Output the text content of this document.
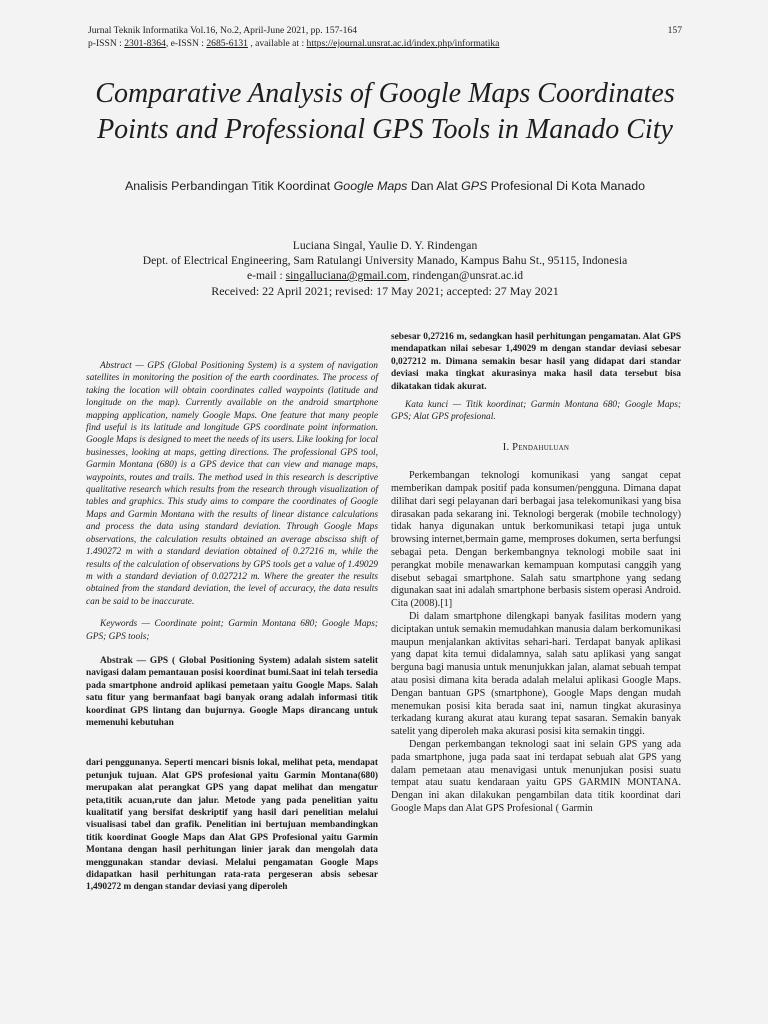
Jurnal Teknik Informatika Vol.16, No.2, April-June 2021, pp. 157-164	157
p-ISSN : 2301-8364, e-ISSN : 2685-6131 , available at : https://ejournal.unsrat.ac.id/index.php/informatika
Comparative Analysis of Google Maps Coordinates Points and Professional GPS Tools in Manado City
Analisis Perbandingan Titik Koordinat Google Maps Dan Alat GPS Profesional Di Kota Manado
Luciana Singal, Yaulie D. Y. Rindengan
Dept. of Electrical Engineering, Sam Ratulangi University Manado, Kampus Bahu St., 95115, Indonesia
e-mail : singalluciana@gmail.com, rindengan@unsrat.ac.id
Received: 22 April 2021; revised: 17 May 2021; accepted: 27 May 2021

Abstract — GPS (Global Positioning System) is a system of navigation satellites in monitoring the position of the earth coordinates. The process of taking the location will obtain coordinates called waypoints (latitude and longitude on the map). Currently available on the android smartphone mapping application, namely Google Maps. One feature that many people find useful is its latitude and longitude GPS coordinate point information. Google Maps is designed to meet the needs of its users. Like looking for local businesses, looking at maps, getting directions. The professional GPS tool, Garmin Montana (680) is a GPS device that can view and manage maps, waypoints, routes and trails. The method used in this research is descriptive qualitative research which results from the research through visualization of tables and graphics. This study aims to compare the coordinates of Google Maps and Garmin Montana with the results of linear distance calculations and process the data using standard deviation. Through Google Maps observations, the calculation results obtained an average abscissa shift of 1.490272 m with a standard deviation obtained of 0.27216 m, while the results of the calculation of observations by GPS tools get a value of 1.49029 m with a standard deviation of 0.027212 m. Where the greater the results obtained from the standard deviation, the level of accuracy, the data results can be said to be inaccurate.

Keywords — Coordinate point; Garmin Montana 680; Google Maps; GPS; GPS tools;

Abstrak — GPS ( Global Positioning System) adalah sistem satelit navigasi dalam pemantauan posisi koordinat bumi.Saat ini telah tersedia pada smartphone android aplikasi pemetaan yaitu Google Maps. Salah satu fitur yang bermanfaat bagi banyak orang adalah informasi titik koordinat GPS lintang dan bujurnya. Google Maps dirancang untuk memenuhi kebutuhan

dari penggunanya. Seperti mencari bisnis lokal, melihat peta, mendapat petunjuk tujuan. Alat GPS profesional yaitu Garmin Montana(680) merupakan alat perangkat GPS yang dapat melihat dan mengatur peta,titik acuan,rute dan jalur. Metode yang pada penelitian yaitu kualitatif yang bersifat deskriptif yang hasil dari penelitian melalui visualisasi tabel dan grafik. Penelitian ini bertujuan membandingkan titik koordinat Google Maps dan Alat GPS Profesional yaitu Garmin Montana dengan hasil perhitungan linier jarak dan mengolah data menggunakan standar deviasi. Melalui pengamatan Google Maps didapatkan hasil perhitungan rata-rata pergeseran absis sebesar 1,490272 m dengan standar deviasi yang diperoleh

sebesar 0,27216 m, sedangkan hasil perhitungan pengamatan. Alat GPS mendapatkan nilai sebesar 1,49029 m dengan standar deviasi sebesar 0,027212 m. Dimana semakin besar hasil yang didapat dari standar deviasi maka tingkat akurasinya maka hasil data tersebut bisa dikatakan tidak akurat.

Kata kunci — Titik koordinat; Garmin Montana 680; Google Maps; GPS; Alat GPS profesional.

I. Pendahuluan

Perkembangan teknologi komunikasi yang sangat cepat memberikan dampak positif pada konsumen/pengguna. Dimana dapat dilihat dari segi pelayanan dari berbagai jasa telekomunikasi yang bisa dirasakan pada sekarang ini. Teknologi bergerak (mobile technology) tidak hanya digunakan untuk berkomunikasi tetapi juga untuk browsing internet,bermain game, memproses dokumen, serta berfungsi sebagai peta. Dengan berkembangnya teknologi mobile saat ini perangkat mobile menawarkan kemampuan komputasi canggih yang disebut sebagai smartphone. Salah satu smartphone yang sedang digunakan saat ini adalah smartphone berbasis sistem operasi Android. Cita (2008).[1]

Di dalam smartphone dilengkapi banyak fasilitas modern yang diciptakan untuk semakin memudahkan manusia dalam berkomunikasi maupun menjalankan aktivitas sehari-hari. Terdapat banyak aplikasi yang dapat kita temui didalamnya, salah satu aplikasi yang sangat berguna bagi manusia untuk menunjukkan jalan, alamat sebuah tempat atau posisi dimana kita berada adalah melalui aplikasi Google Maps. Dengan bantuan GPS (smartphone), Google Maps dengan mudah menemukan posisi kita berada saat ini, namun tingkat akurasinya terkadang kurang akurat atau kurang tepat sasaran. Semakin banyak satelit yang diperoleh maka akurasi posisi kita semakin tinggi.

Dengan perkembangan teknologi saat ini selain GPS yang ada pada smartphone, juga pada saat ini terdapat sebuah alat GPS yang dalam pemetaan atau menavigasi untuk menunjukan posisi suatu tempat atau suatu kendaraan yaitu GPS GARMIN MONTANA. Dengan ini akan dilakukan pengambilan data titik koordinat dari Google Maps dan Alat GPS Profesional ( Garmin
